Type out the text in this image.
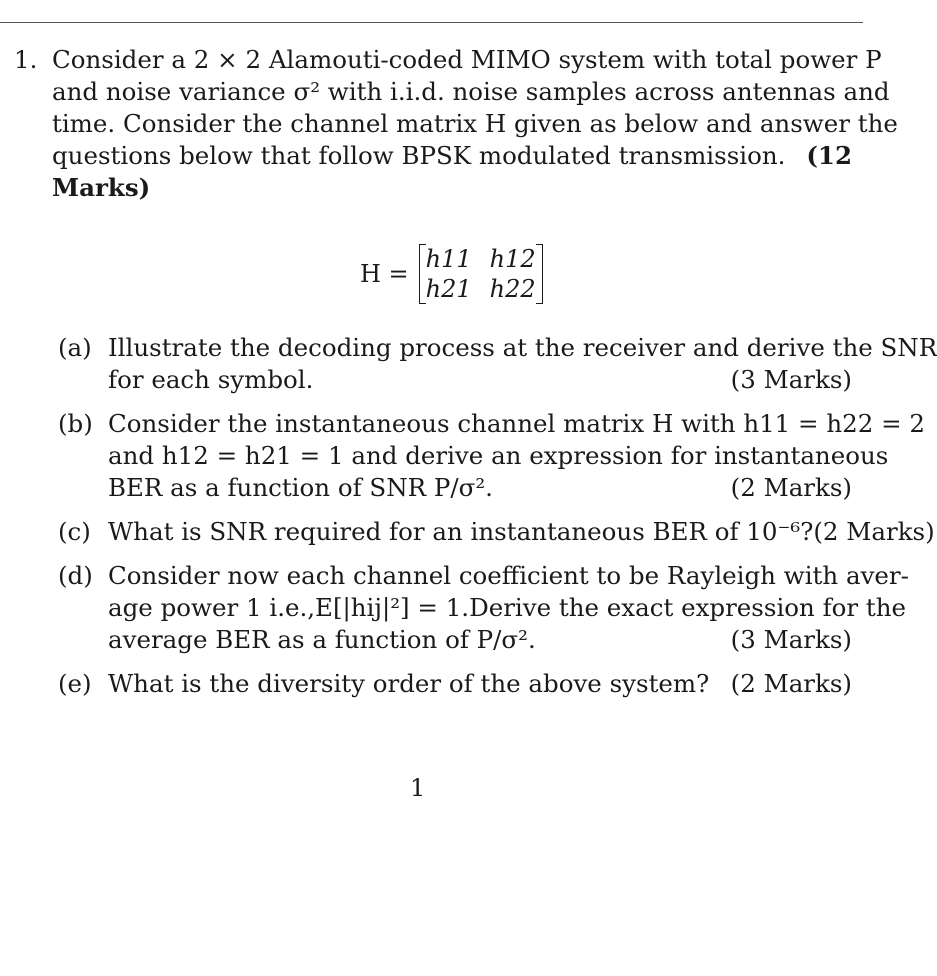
1. Consider a 2 × 2 Alamouti-coded MIMO system with total power P
and noise variance σ² with i.i.d. noise samples across antennas and
time. Consider the channel matrix H given as below and answer the
questions below that follow BPSK modulated transmission. (12
Marks)
H =
h11 h12
h21 h22
(a) Illustrate the decoding process at the receiver and derive the SNR
for each symbol.	(3 Marks)
(b) Consider the instantaneous channel matrix H with h11 = h22 = 2
and h12 = h21 = 1 and derive an expression for instantaneous
BER as a function of SNR P/σ².	(2 Marks)
(c) What is SNR required for an instantaneous BER of 10⁻⁶? (2 Marks)
(d) Consider now each channel coefficient to be Rayleigh with aver-
age power 1 i.e.,E[|hij|²] = 1.Derive the exact expression for the
average BER as a function of P/σ².	(3 Marks)
(e) What is the diversity order of the above system? (2 Marks)
1
